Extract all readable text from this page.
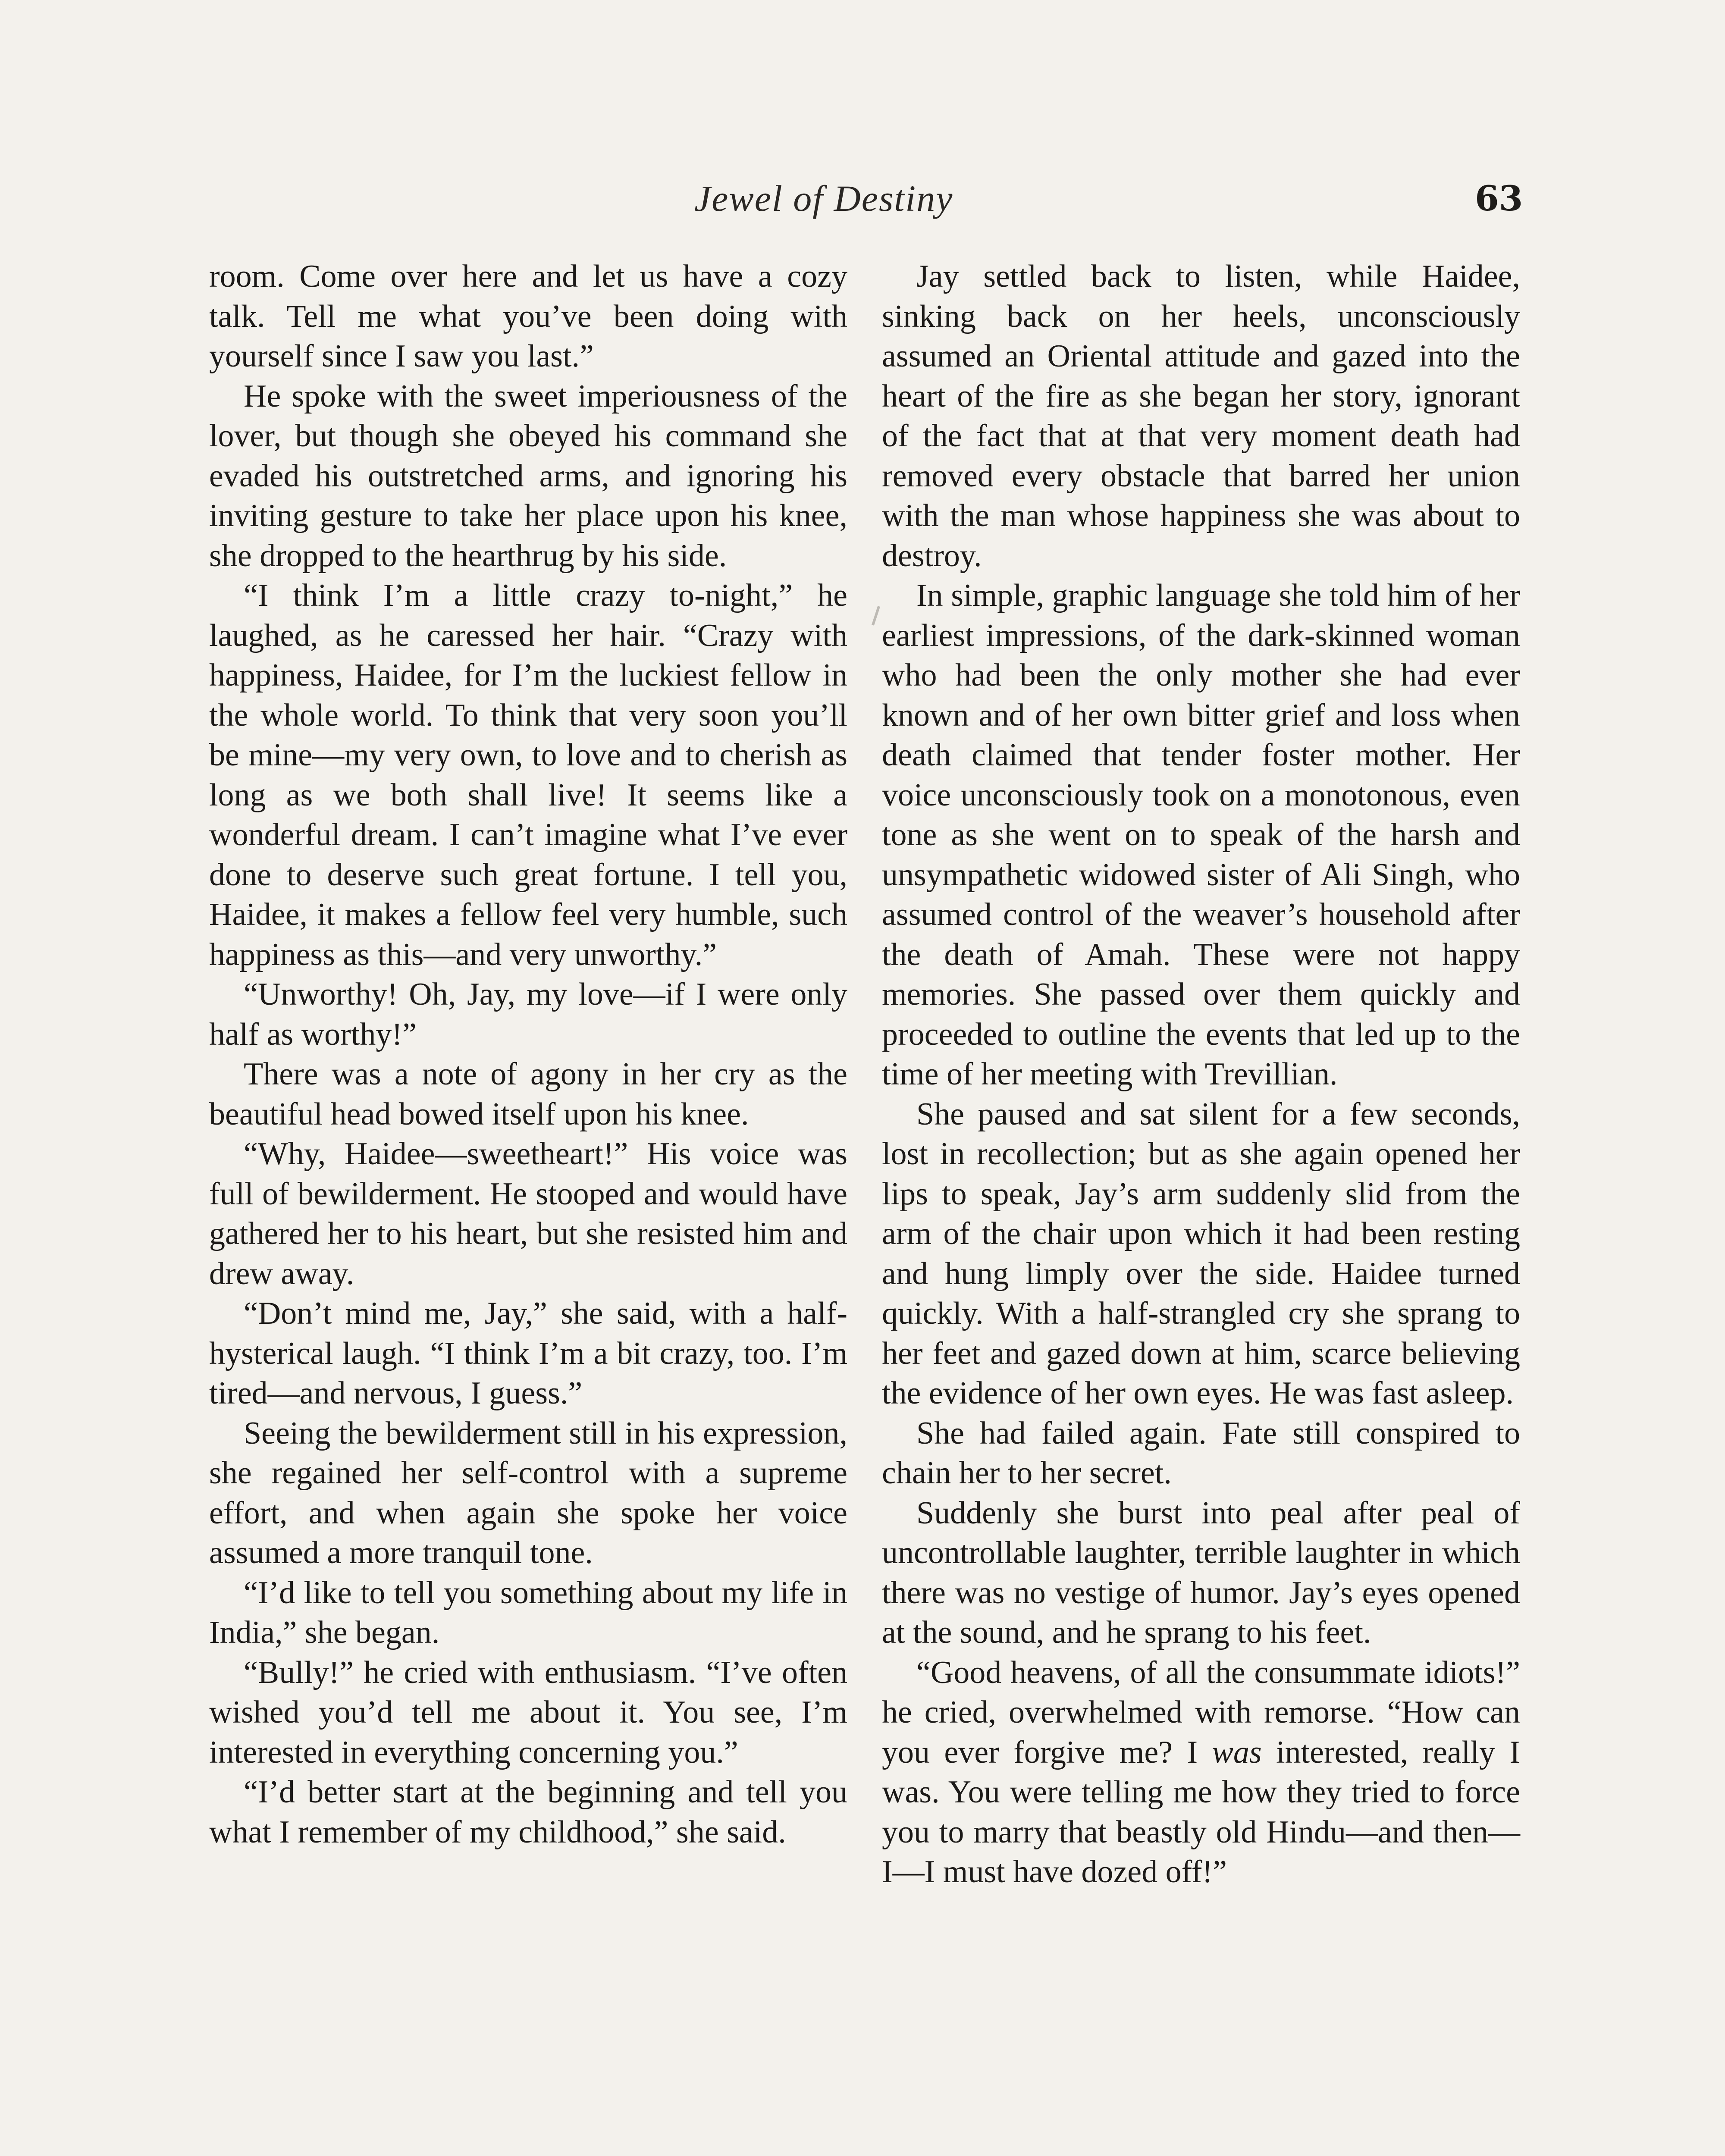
Jewel of Destiny	63

room. Come over here and let us have a cozy talk. Tell me what you’ve been doing with yourself since I saw you last.”

He spoke with the sweet imperiousness of the lover, but though she obeyed his command she evaded his outstretched arms, and ignoring his inviting gesture to take her place upon his knee, she dropped to the hearthrug by his side.

“I think I’m a little crazy to-night,” he laughed, as he caressed her hair. “Crazy with happiness, Haidee, for I’m the luckiest fellow in the whole world. To think that very soon you’ll be mine—my very own, to love and to cherish as long as we both shall live! It seems like a wonderful dream. I can’t imagine what I’ve ever done to deserve such great fortune. I tell you, Haidee, it makes a fellow feel very humble, such happiness as this—and very unworthy.”

“Unworthy! Oh, Jay, my love—if I were only half as worthy!”

There was a note of agony in her cry as the beautiful head bowed itself upon his knee.

“Why, Haidee—sweetheart!” His voice was full of bewilderment. He stooped and would have gathered her to his heart, but she resisted him and drew away.

“Don’t mind me, Jay,” she said, with a half-hysterical laugh. “I think I’m a bit crazy, too. I’m tired—and nervous, I guess.”

Seeing the bewilderment still in his expression, she regained her self-control with a supreme effort, and when again she spoke her voice assumed a more tranquil tone.

“I’d like to tell you something about my life in India,” she began.

“Bully!” he cried with enthusiasm. “I’ve often wished you’d tell me about it. You see, I’m interested in everything concerning you.”

“I’d better start at the beginning and tell you what I remember of my childhood,” she said.

Jay settled back to listen, while Haidee, sinking back on her heels, unconsciously assumed an Oriental attitude and gazed into the heart of the fire as she began her story, ignorant of the fact that at that very moment death had removed every obstacle that barred her union with the man whose happiness she was about to destroy.

In simple, graphic language she told him of her earliest impressions, of the dark-skinned woman who had been the only mother she had ever known and of her own bitter grief and loss when death claimed that tender foster mother. Her voice unconsciously took on a monotonous, even tone as she went on to speak of the harsh and unsympathetic widowed sister of Ali Singh, who assumed control of the weaver’s household after the death of Amah. These were not happy memories. She passed over them quickly and proceeded to outline the events that led up to the time of her meeting with Trevillian.

She paused and sat silent for a few seconds, lost in recollection; but as she again opened her lips to speak, Jay’s arm suddenly slid from the arm of the chair upon which it had been resting and hung limply over the side. Haidee turned quickly. With a half-strangled cry she sprang to her feet and gazed down at him, scarce believing the evidence of her own eyes. He was fast asleep.

She had failed again. Fate still conspired to chain her to her secret.

Suddenly she burst into peal after peal of uncontrollable laughter, terrible laughter in which there was no vestige of humor. Jay’s eyes opened at the sound, and he sprang to his feet.

“Good heavens, of all the consummate idiots!” he cried, overwhelmed with remorse. “How can you ever forgive me? I was interested, really I was. You were telling me how they tried to force you to marry that beastly old Hindu—and then—I—I must have dozed off!”
